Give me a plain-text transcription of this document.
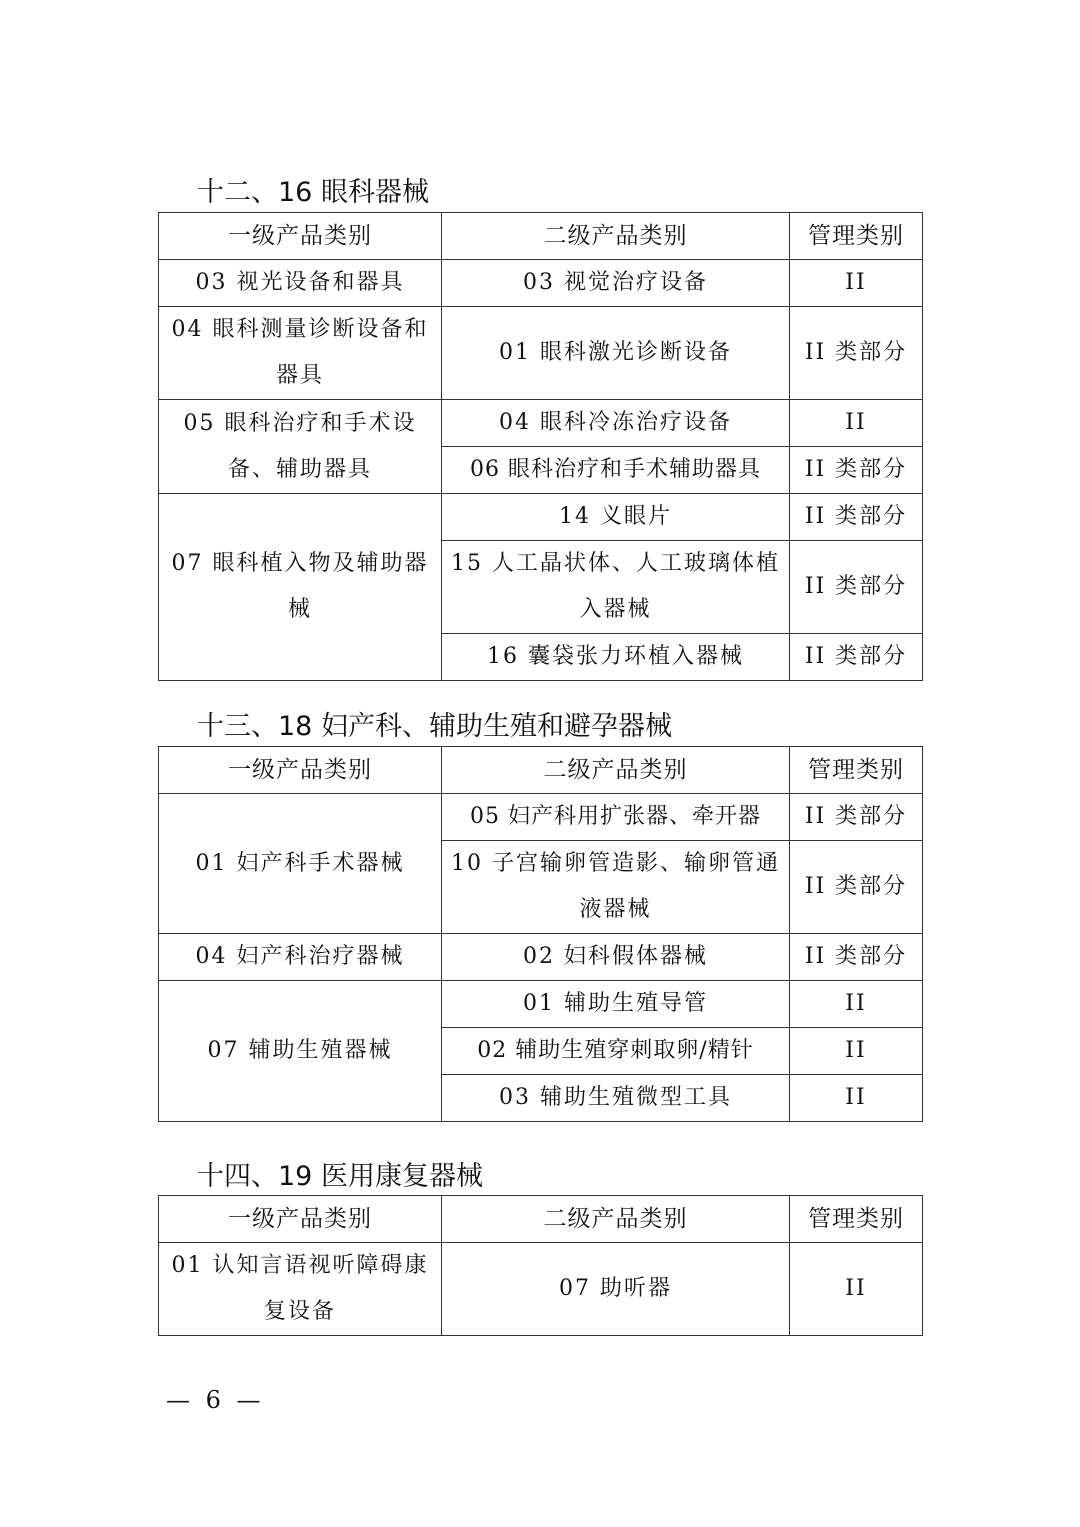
十二、16 眼科器械
一级产品类别	二级产品类别	管理类别
03 视光设备和器具	03 视觉治疗设备	II
04 眼科测量诊断设备和器具	01 眼科激光诊断设备	II 类部分
05 眼科治疗和手术设备、辅助器具	04 眼科冷冻治疗设备	II
	06 眼科治疗和手术辅助器具	II 类部分
07 眼科植入物及辅助器械	14 义眼片	II 类部分
	15 人工晶状体、人工玻璃体植入器械	II 类部分
	16 囊袋张力环植入器械	II 类部分
十三、18 妇产科、辅助生殖和避孕器械
一级产品类别	二级产品类别	管理类别
01 妇产科手术器械	05 妇产科用扩张器、牵开器	II 类部分
	10 子宫输卵管造影、输卵管通液器械	II 类部分
04 妇产科治疗器械	02 妇科假体器械	II 类部分
07 辅助生殖器械	01 辅助生殖导管	II
	02 辅助生殖穿刺取卵/精针	II
	03 辅助生殖微型工具	II
十四、19 医用康复器械
一级产品类别	二级产品类别	管理类别
01 认知言语视听障碍康复设备	07 助听器	II
— 6 —
